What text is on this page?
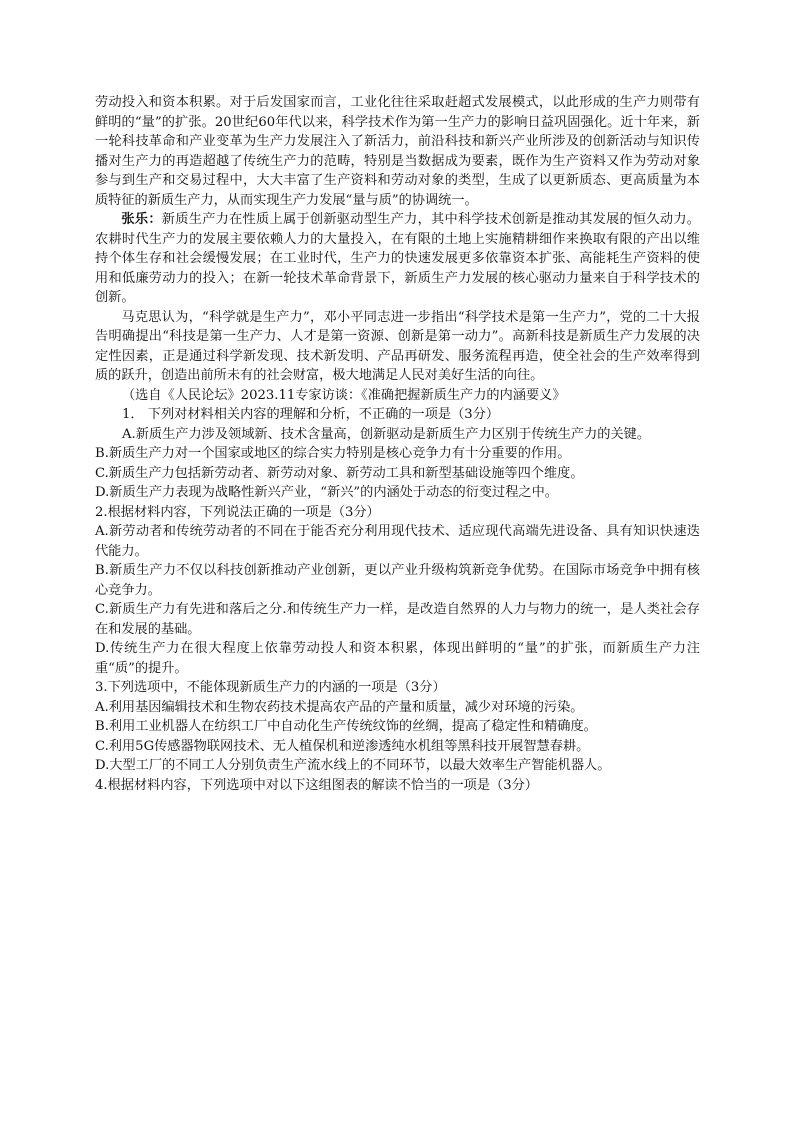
劳动投入和资本积累。对于后发国家而言，工业化往往采取赶超式发展模式，以此形成的生产力则带有鲜明的“量”的扩张。20世纪60年代以来，科学技术作为第一生产力的影响日益巩固强化。近十年来，新一轮科技革命和产业变革为生产力发展注入了新活力，前沿科技和新兴产业所涉及的创新活动与知识传播对生产力的再造超越了传统生产力的范畴，特别是当数据成为要素，既作为生产资料又作为劳动对象参与到生产和交易过程中，大大丰富了生产资料和劳动对象的类型，生成了以更新质态、更高质量为本质特征的新质生产力，从而实现生产力发展“量与质”的协调统一。

张乐：新质生产力在性质上属于创新驱动型生产力，其中科学技术创新是推动其发展的恒久动力。农耕时代生产力的发展主要依赖人力的大量投入，在有限的土地上实施精耕细作来换取有限的产出以维持个体生存和社会缓慢发展；在工业时代，生产力的快速发展更多依靠资本扩张、高能耗生产资料的使用和低廉劳动力的投入；在新一轮技术革命背景下，新质生产力发展的核心驱动力量来自于科学技术的创新。

马克思认为，“科学就是生产力”，邓小平同志进一步指出“科学技术是第一生产力”，党的二十大报告明确提出“科技是第一生产力、人才是第一资源、创新是第一动力”。高新科技是新质生产力发展的决定性因素，正是通过科学新发现、技术新发明、产品再研发、服务流程再造，使全社会的生产效率得到质的跃升，创造出前所未有的社会财富，极大地满足人民对美好生活的向往。

（选自《人民论坛》2023.11专家访谈：《准确把握新质生产力的内涵要义》

1． 下列对材料相关内容的理解和分析，不正确的一项是（3分）

A.新质生产力涉及领域新、技术含量高，创新驱动是新质生产力区别于传统生产力的关键。

B.新质生产力对一个国家或地区的综合实力特别是核心竞争力有十分重要的作用。

C.新质生产力包括新劳动者、新劳动对象、新劳动工具和新型基础设施等四个维度。

D.新质生产力表现为战略性新兴产业，“新兴”的内涵处于动态的衍变过程之中。

2.根据材料内容，下列说法正确的一项是（3分）

A.新劳动者和传统劳动者的不同在于能否充分利用现代技术、适应现代高端先进设备、具有知识快速迭代能力。

B.新质生产力不仅以科技创新推动产业创新，更以产业升级构筑新竞争优势。在国际市场竞争中拥有核心竞争力。

C.新质生产力有先进和落后之分.和传统生产力一样，是改造自然界的人力与物力的统一，是人类社会存在和发展的基础。

D.传统生产力在很大程度上依靠劳动投人和资本积累，体现出鲜明的“量”的扩张，而新质生产力注重“质”的提升。

3.下列选项中，不能体现新质生产力的内涵的一项是（3分）

A.利用基因编辑技术和生物农药技术提高农产品的产量和质量，减少对环境的污染。

B.利用工业机器人在纺织工厂中自动化生产传统纹饰的丝绸，提高了稳定性和精确度。

C.利用5G传感器物联网技术、无人植保机和逆渗透纯水机组等黑科技开展智慧春耕。

D.大型工厂的不同工人分别负责生产流水线上的不同环节，以最大效率生产智能机器人。

4.根据材料内容，下列选项中对以下这组图表的解读不恰当的一项是（3分）
